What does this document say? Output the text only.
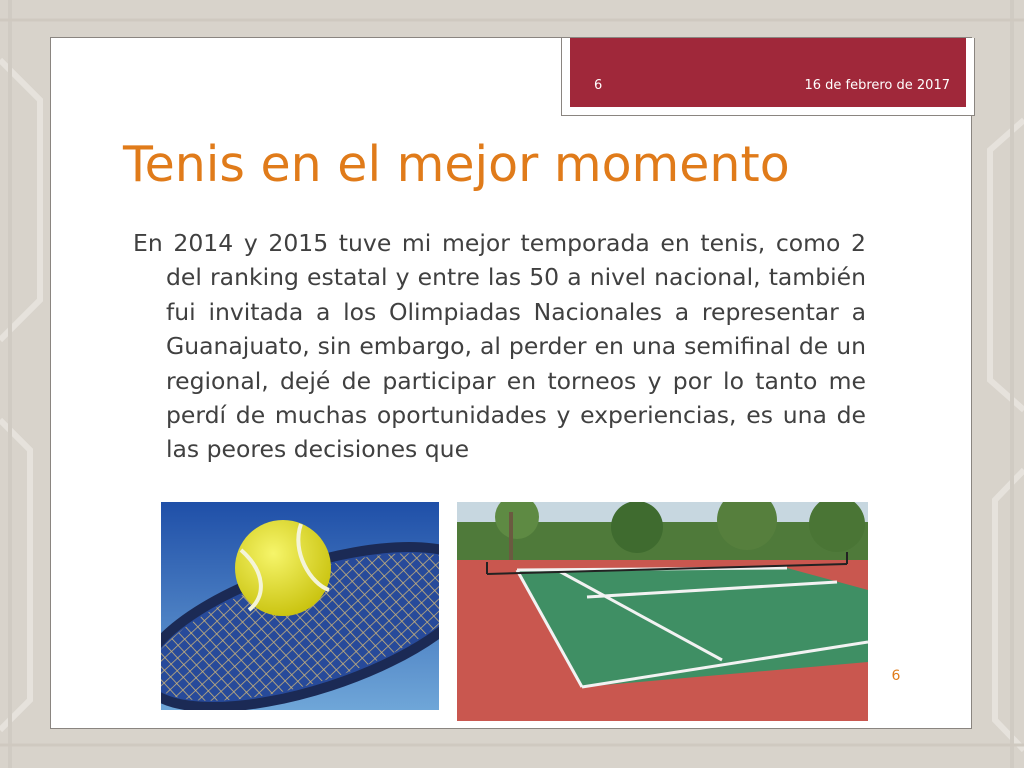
6	16 de febrero de 2017
Tenis en el mejor momento

En 2014 y 2015 tuve mi mejor temporada en tenis, como 2 del ranking estatal y entre las 50 a nivel nacional, también fui invitada a los Olimpiadas Nacionales a representar a Guanajuato, sin embargo, al perder en una semifinal de un regional, dejé de participar en torneos y por lo tanto me perdí de muchas oportunidades y experiencias, es una de las peores decisiones que

6
